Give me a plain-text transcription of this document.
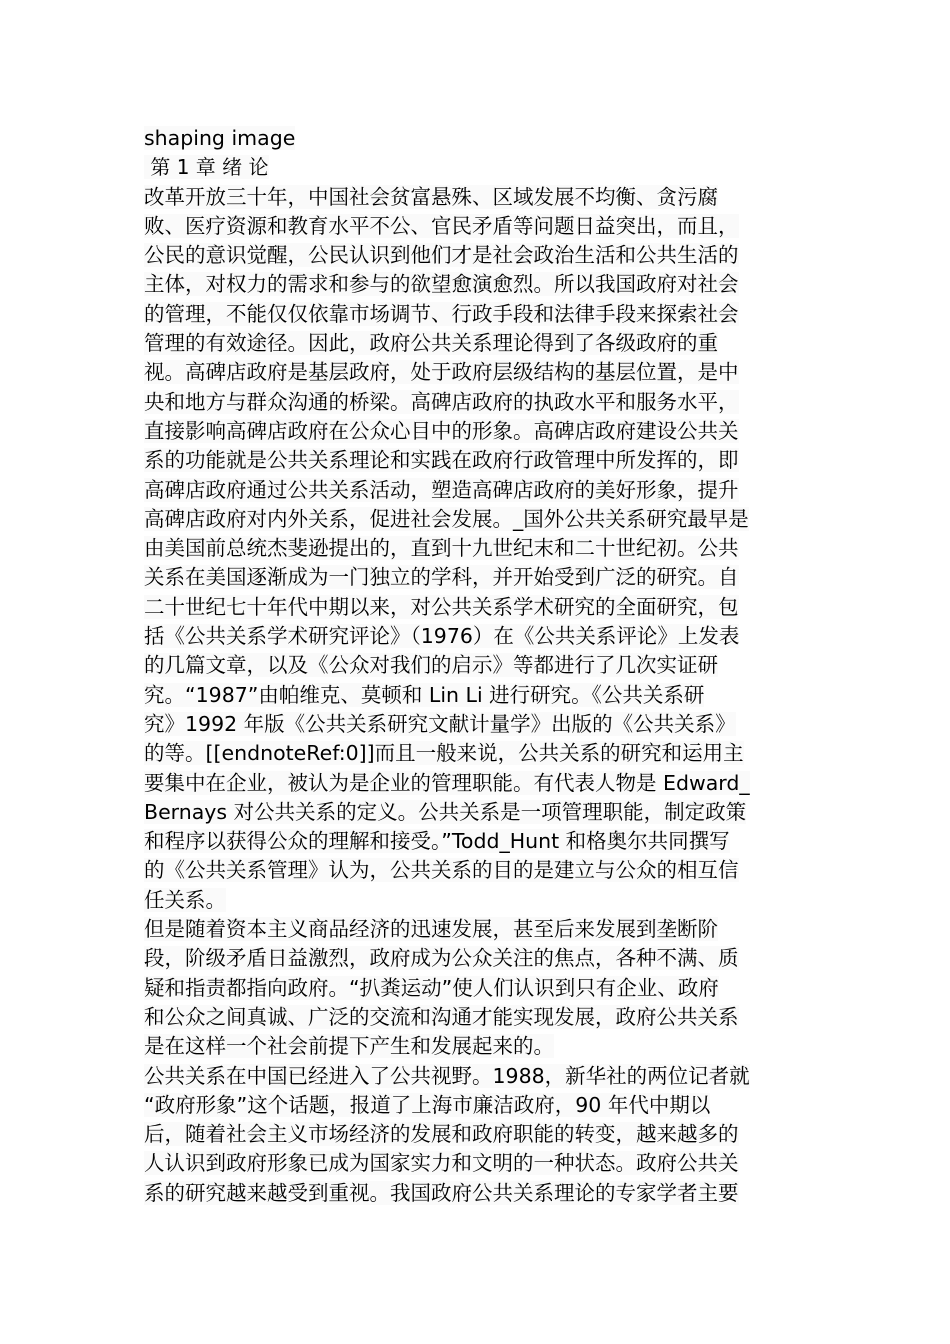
shaping image
第 1 章 绪 论
改革开放三十年，中国社会贫富悬殊、区域发展不均衡、贪污腐
败、医疗资源和教育水平不公、官民矛盾等问题日益突出，而且，
公民的意识觉醒，公民认识到他们才是社会政治生活和公共生活的
主体，对权力的需求和参与的欲望愈演愈烈。所以我国政府对社会
的管理，不能仅仅依靠市场调节、行政手段和法律手段来探索社会
管理的有效途径。因此，政府公共关系理论得到了各级政府的重
视。高碑店政府是基层政府，处于政府层级结构的基层位置，是中
央和地方与群众沟通的桥梁。高碑店政府的执政水平和服务水平，
直接影响高碑店政府在公众心目中的形象。高碑店政府建设公共关
系的功能就是公共关系理论和实践在政府行政管理中所发挥的，即
高碑店政府通过公共关系活动，塑造高碑店政府的美好形象，提升
高碑店政府对内外关系，促进社会发展。_国外公共关系研究最早是
由美国前总统杰斐逊提出的，直到十九世纪末和二十世纪初。公共
关系在美国逐渐成为一门独立的学科，并开始受到广泛的研究。自
二十世纪七十年代中期以来，对公共关系学术研究的全面研究，包
括《公共关系学术研究评论》（1976）在《公共关系评论》上发表
的几篇文章，以及《公众对我们的启示》等都进行了几次实证研
究。“1987”由帕维克、莫顿和 Lin Li 进行研究。《公共关系研
究》1992 年版《公共关系研究文献计量学》出版的《公共关系》
的等。[[endnoteRef:0]]而且一般来说，公共关系的研究和运用主
要集中在企业，被认为是企业的管理职能。有代表人物是 Edward_
Bernays 对公共关系的定义。公共关系是一项管理职能，制定政策
和程序以获得公众的理解和接受。”Todd_Hunt 和格奥尔共同撰写
的《公共关系管理》认为，公共关系的目的是建立与公众的相互信
任关系。
但是随着资本主义商品经济的迅速发展，甚至后来发展到垄断阶
段，阶级矛盾日益激烈，政府成为公众关注的焦点，各种不满、质
疑和指责都指向政府。“扒粪运动”使人们认识到只有企业、政府
和公众之间真诚、广泛的交流和沟通才能实现发展，政府公共关系
是在这样一个社会前提下产生和发展起来的。
公共关系在中国已经进入了公共视野。1988，新华社的两位记者就
“政府形象”这个话题，报道了上海市廉洁政府，90 年代中期以
后，随着社会主义市场经济的发展和政府职能的转变，越来越多的
人认识到政府形象已成为国家实力和文明的一种状态。政府公共关
系的研究越来越受到重视。我国政府公共关系理论的专家学者主要
